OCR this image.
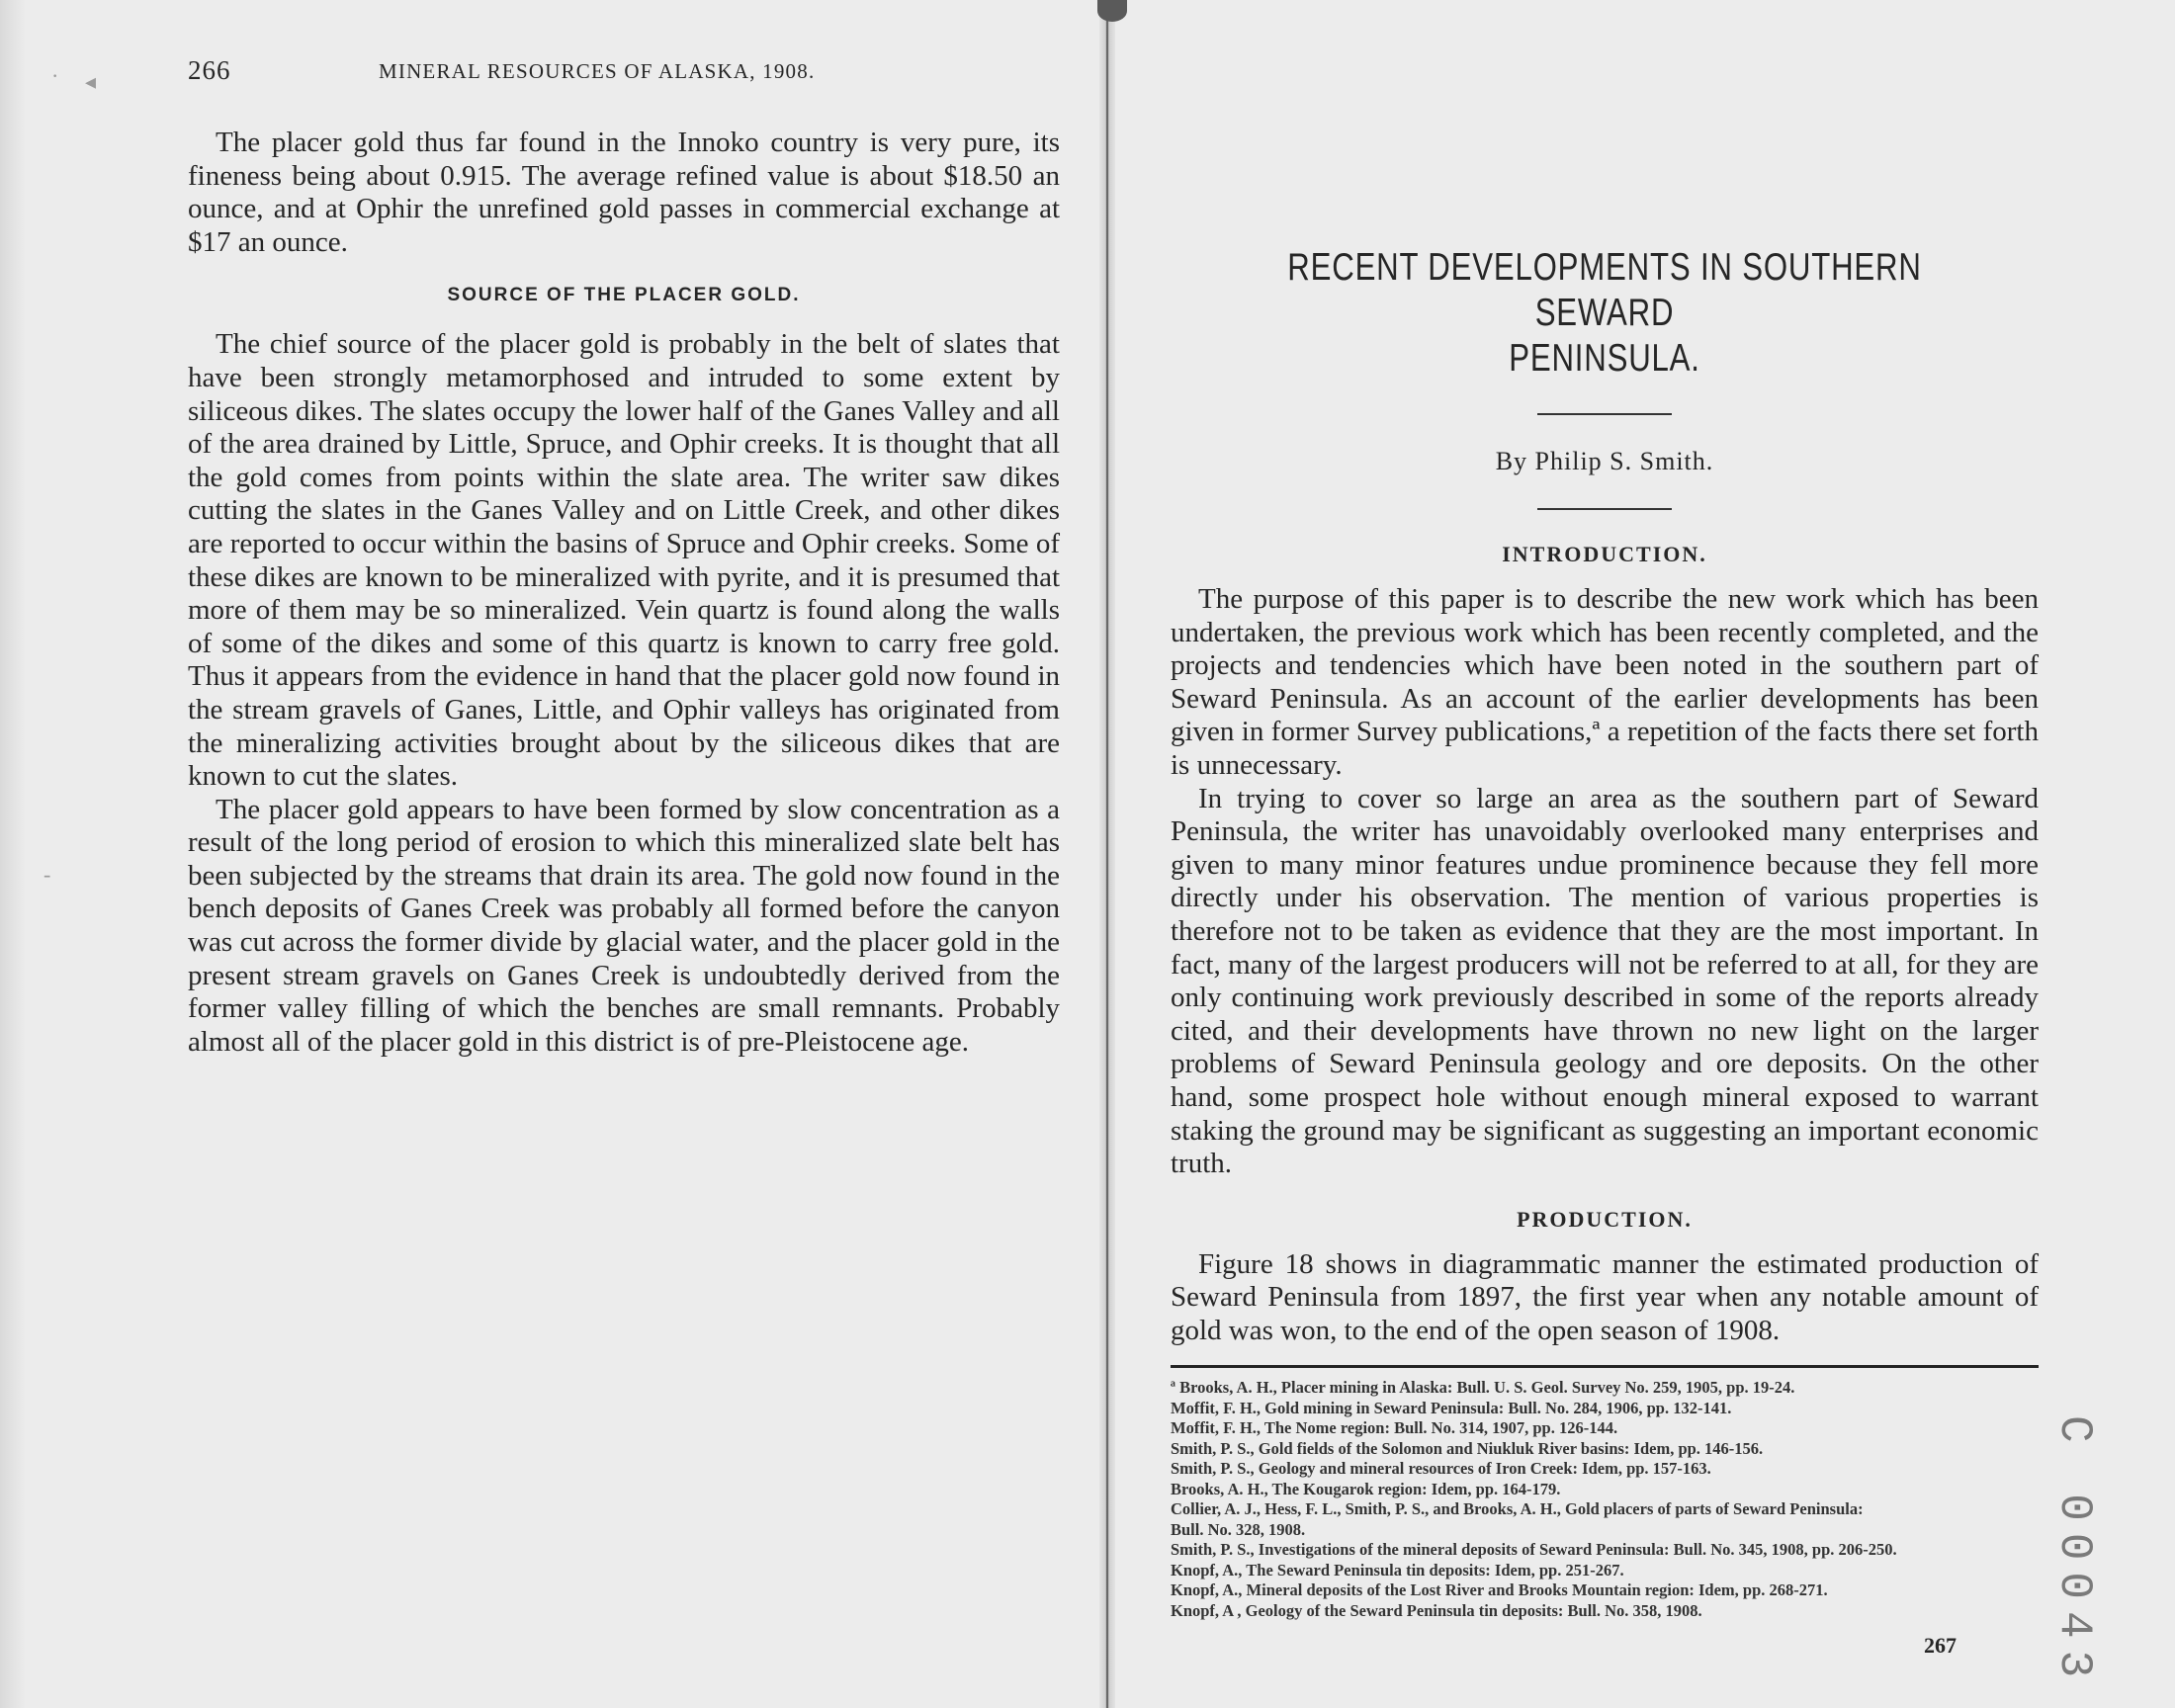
· ◂
-
266	MINERAL RESOURCES OF ALASKA, 1908.

The placer gold thus far found in the Innoko country is very pure, its fineness being about 0.915. The average refined value is about $18.50 an ounce, and at Ophir the unrefined gold passes in commercial exchange at $17 an ounce.

SOURCE OF THE PLACER GOLD.

The chief source of the placer gold is probably in the belt of slates that have been strongly metamorphosed and intruded to some extent by siliceous dikes. The slates occupy the lower half of the Ganes Valley and all of the area drained by Little, Spruce, and Ophir creeks. It is thought that all the gold comes from points within the slate area. The writer saw dikes cutting the slates in the Ganes Valley and on Little Creek, and other dikes are reported to occur within the basins of Spruce and Ophir creeks. Some of these dikes are known to be mineralized with pyrite, and it is presumed that more of them may be so mineralized. Vein quartz is found along the walls of some of the dikes and some of this quartz is known to carry free gold. Thus it appears from the evidence in hand that the placer gold now found in the stream gravels of Ganes, Little, and Ophir valleys has originated from the mineralizing activities brought about by the siliceous dikes that are known to cut the slates.

The placer gold appears to have been formed by slow concentration as a result of the long period of erosion to which this mineralized slate belt has been subjected by the streams that drain its area. The gold now found in the bench deposits of Ganes Creek was probably all formed before the canyon was cut across the former divide by glacial water, and the placer gold in the present stream gravels on Ganes Creek is undoubtedly derived from the former valley filling of which the benches are small remnants. Probably almost all of the placer gold in this district is of pre-Pleistocene age.

RECENT DEVELOPMENTS IN SOUTHERN SEWARD
PENINSULA.
By Philip S. Smith.
INTRODUCTION.

The purpose of this paper is to describe the new work which has been undertaken, the previous work which has been recently completed, and the projects and tendencies which have been noted in the southern part of Seward Peninsula. As an account of the earlier developments has been given in former Survey publications,ª a repetition of the facts there set forth is unnecessary.

In trying to cover so large an area as the southern part of Seward Peninsula, the writer has unavoidably overlooked many enterprises and given to many minor features undue prominence because they fell more directly under his observation. The mention of various properties is therefore not to be taken as evidence that they are the most important. In fact, many of the largest producers will not be referred to at all, for they are only continuing work previously described in some of the reports already cited, and their developments have thrown no new light on the larger problems of Seward Peninsula geology and ore deposits. On the other hand, some prospect hole without enough mineral exposed to warrant staking the ground may be significant as suggesting an important economic truth.

PRODUCTION.

Figure 18 shows in diagrammatic manner the estimated production of Seward Peninsula from 1897, the first year when any notable amount of gold was won, to the end of the open season of 1908.

ª Brooks, A. H., Placer mining in Alaska: Bull. U. S. Geol. Survey No. 259, 1905, pp. 19-24.
Moffit, F. H., Gold mining in Seward Peninsula: Bull. No. 284, 1906, pp. 132-141.
Moffit, F. H., The Nome region: Bull. No. 314, 1907, pp. 126-144.
Smith, P. S., Gold fields of the Solomon and Niukluk River basins: Idem, pp. 146-156.
Smith, P. S., Geology and mineral resources of Iron Creek: Idem, pp. 157-163.
Brooks, A. H., The Kougarok region: Idem, pp. 164-179.
Collier, A. J., Hess, F. L., Smith, P. S., and Brooks, A. H., Gold placers of parts of Seward Peninsula:
Bull. No. 328, 1908.
Smith, P. S., Investigations of the mineral deposits of Seward Peninsula: Bull. No. 345, 1908, pp. 206-250.
Knopf, A., The Seward Peninsula tin deposits: Idem, pp. 251-267.
Knopf, A., Mineral deposits of the Lost River and Brooks Mountain region: Idem, pp. 268-271.
Knopf, A , Geology of the Seward Peninsula tin deposits: Bull. No. 358, 1908.
267 C 00043
